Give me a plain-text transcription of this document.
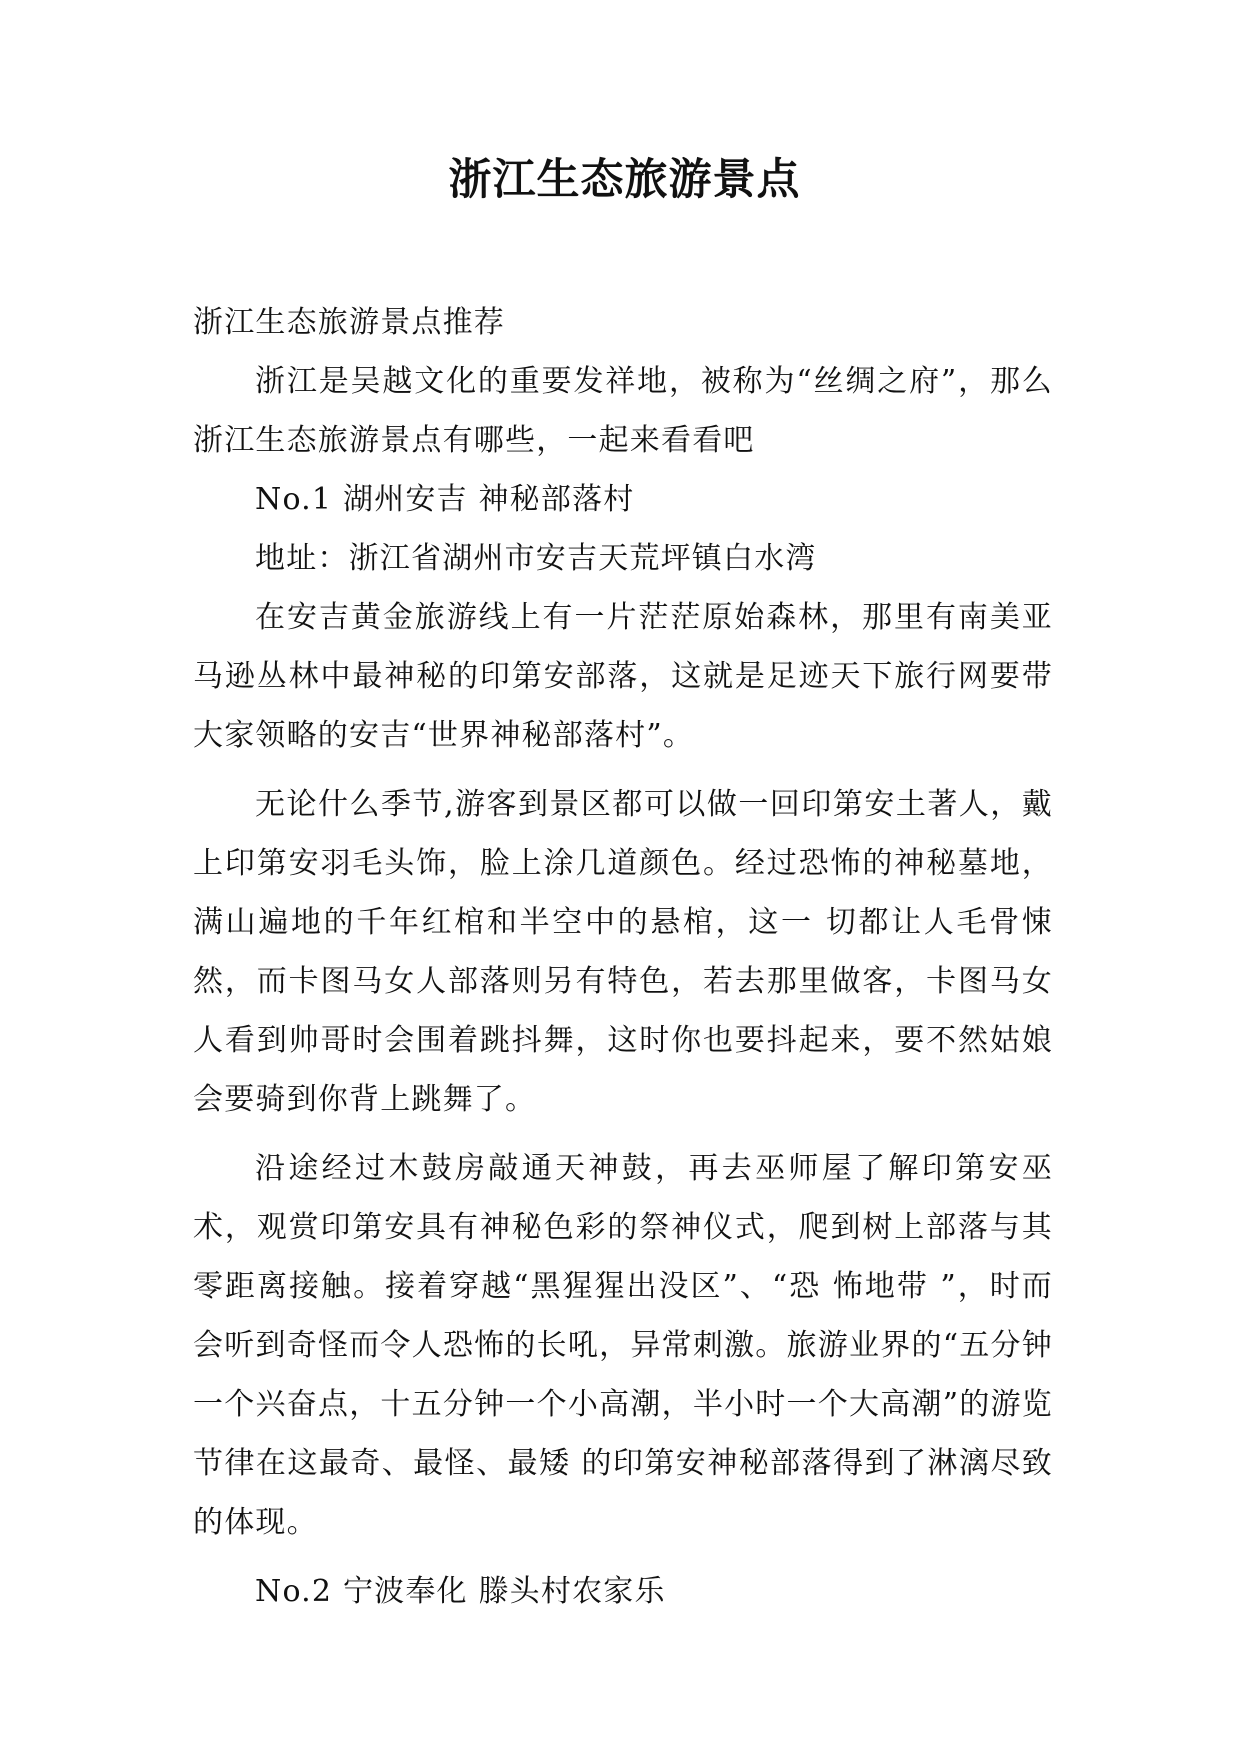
浙江生态旅游景点

浙江生态旅游景点推荐

浙江是吴越文化的重要发祥地，被称为“丝绸之府”，那么浙江生态旅游景点有哪些，一起来看看吧

No.1 湖州安吉 神秘部落村

地址：浙江省湖州市安吉天荒坪镇白水湾

在安吉黄金旅游线上有一片茫茫原始森林，那里有南美亚马逊丛林中最神秘的印第安部落，这就是足迹天下旅行网要带大家领略的安吉“世界神秘部落村”。

无论什么季节,游客到景区都可以做一回印第安土著人，戴上印第安羽毛头饰，脸上涂几道颜色。经过恐怖的神秘墓地，满山遍地的千年红棺和半空中的悬棺，这一 切都让人毛骨悚然，而卡图马女人部落则另有特色，若去那里做客，卡图马女人看到帅哥时会围着跳抖舞，这时你也要抖起来，要不然姑娘会要骑到你背上跳舞了。

沿途经过木鼓房敲通天神鼓，再去巫师屋了解印第安巫术，观赏印第安具有神秘色彩的祭神仪式，爬到树上部落与其零距离接触。接着穿越“黑猩猩出没区”、“恐 怖地带 ”，时而会听到奇怪而令人恐怖的长吼，异常刺激。旅游业界的“五分钟一个兴奋点，十五分钟一个小高潮，半小时一个大高潮”的游览节律在这最奇、最怪、最矮 的印第安神秘部落得到了淋漓尽致的体现。

No.2 宁波奉化 滕头村农家乐
